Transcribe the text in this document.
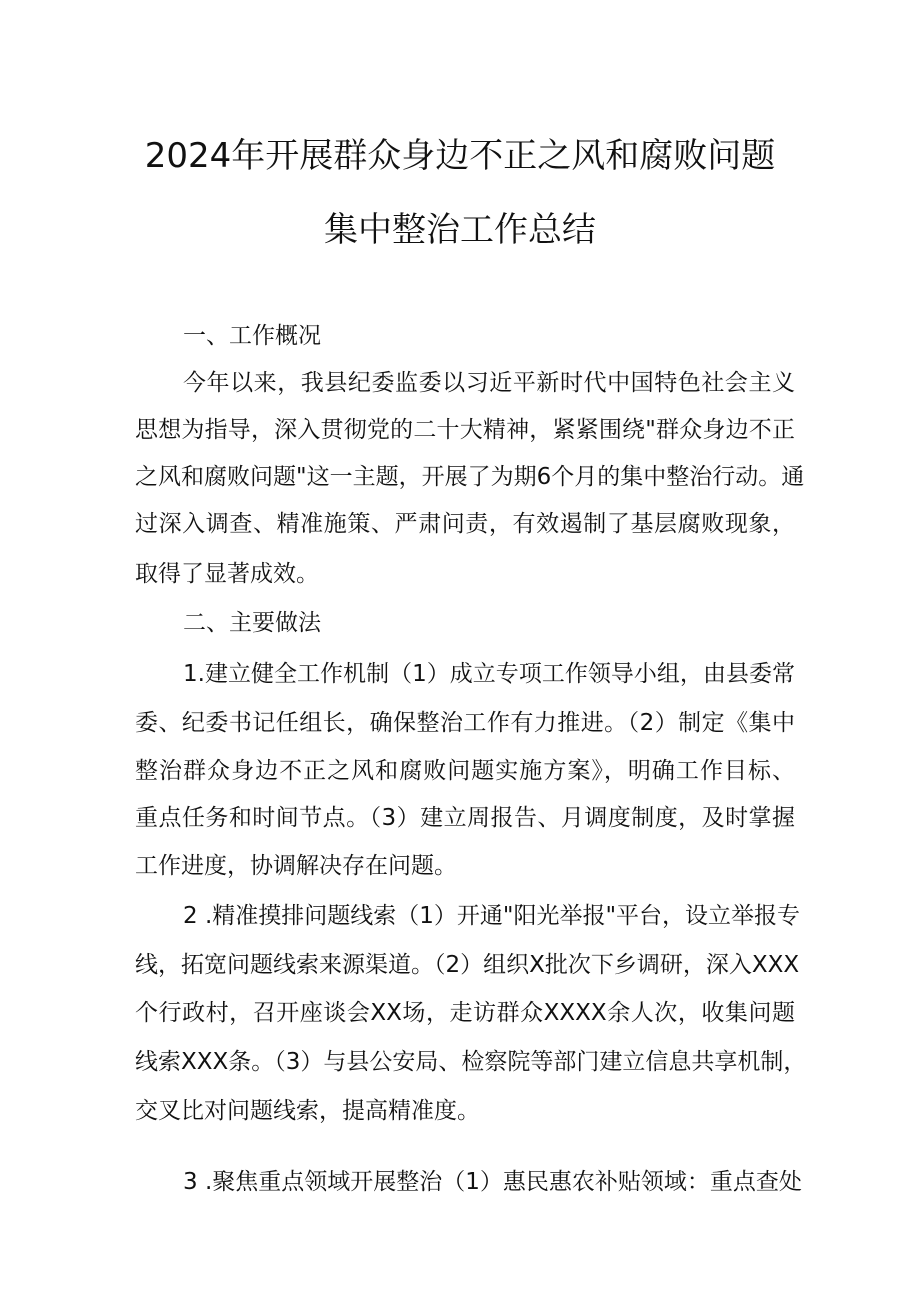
2024年开展群众身边不正之风和腐败问题
集中整治工作总结
一、工作概况
今年以来，我县纪委监委以习近平新时代中国特色社会主义
思想为指导，深入贯彻党的二十大精神，紧紧围绕"群众身边不正
之风和腐败问题"这一主题，开展了为期6个月的集中整治行动。通
过深入调查、精准施策、严肃问责，有效遏制了基层腐败现象，
取得了显著成效。
二、主要做法
1.建立健全工作机制（1）成立专项工作领导小组，由县委常
委、纪委书记任组长，确保整治工作有力推进。（2）制定《集中
整治群众身边不正之风和腐败问题实施方案》，明确工作目标、
重点任务和时间节点。（3）建立周报告、月调度制度，及时掌握
工作进度，协调解决存在问题。
2 .精准摸排问题线索（1）开通"阳光举报"平台，设立举报专
线，拓宽问题线索来源渠道。（2）组织X批次下乡调研，深入XXX
个行政村，召开座谈会XX场，走访群众XXXX余人次，收集问题
线索XXX条。（3）与县公安局、检察院等部门建立信息共享机制，
交叉比对问题线索，提高精准度。
3 .聚焦重点领域开展整治（1）惠民惠农补贴领域：重点查处
